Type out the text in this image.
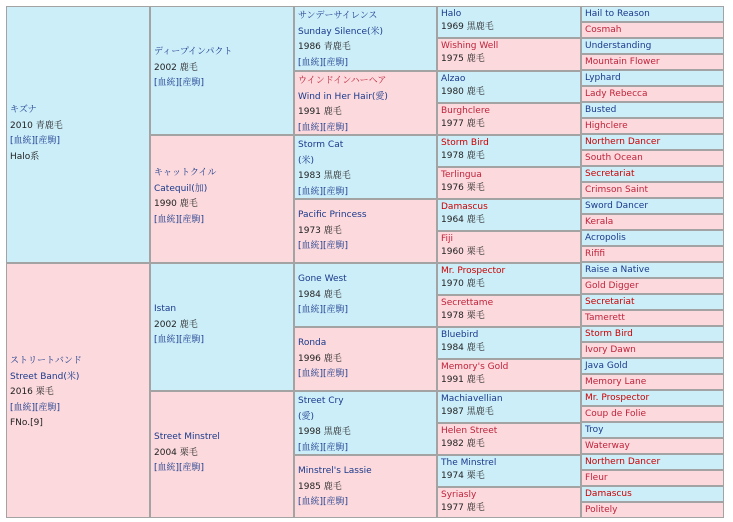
キズナ
2010 青鹿毛
[血統][産駒]
Halo系
ストリートバンド
Street Band(米)
2016 栗毛
[血統][産駒]
FNo.[9]
ディープインパクト
2002 鹿毛
[血統][産駒]
キャットクイル
Catequil(加)
1990 鹿毛
[血統][産駒]
Istan
2002 鹿毛
[血統][産駒]
Street Minstrel
2004 栗毛
[血統][産駒]
サンデーサイレンス
Sunday Silence(米)
1986 青鹿毛
[血統][産駒]
ウインドインハーヘア
Wind in Her Hair(愛)
1991 鹿毛
[血統][産駒]
Storm Cat
(米)
1983 黒鹿毛
[血統][産駒]
Pacific Princess
1973 鹿毛
[血統][産駒]
Gone West
1984 鹿毛
[血統][産駒]
Ronda
1996 鹿毛
[血統][産駒]
Street Cry
(愛)
1998 黒鹿毛
[血統][産駒]
Minstrel's Lassie
1985 鹿毛
[血統][産駒]
Halo
1969 黒鹿毛
Wishing Well
1975 鹿毛
Alzao
1980 鹿毛
Burghclere
1977 鹿毛
Storm Bird
1978 鹿毛
Terlingua
1976 栗毛
Damascus
1964 鹿毛
Fiji
1960 栗毛
Mr. Prospector
1970 鹿毛
Secrettame
1978 栗毛
Bluebird
1984 鹿毛
Memory's Gold
1991 鹿毛
Machiavellian
1987 黒鹿毛
Helen Street
1982 鹿毛
The Minstrel
1974 栗毛
Syriasly
1977 鹿毛
Hail to Reason
Cosmah
Understanding
Mountain Flower
Lyphard
Lady Rebecca
Busted
Highclere
Northern Dancer
South Ocean
Secretariat
Crimson Saint
Sword Dancer
Kerala
Acropolis
Rififi
Raise a Native
Gold Digger
Secretariat
Tamerett
Storm Bird
Ivory Dawn
Java Gold
Memory Lane
Mr. Prospector
Coup de Folie
Troy
Waterway
Northern Dancer
Fleur
Damascus
Politely
